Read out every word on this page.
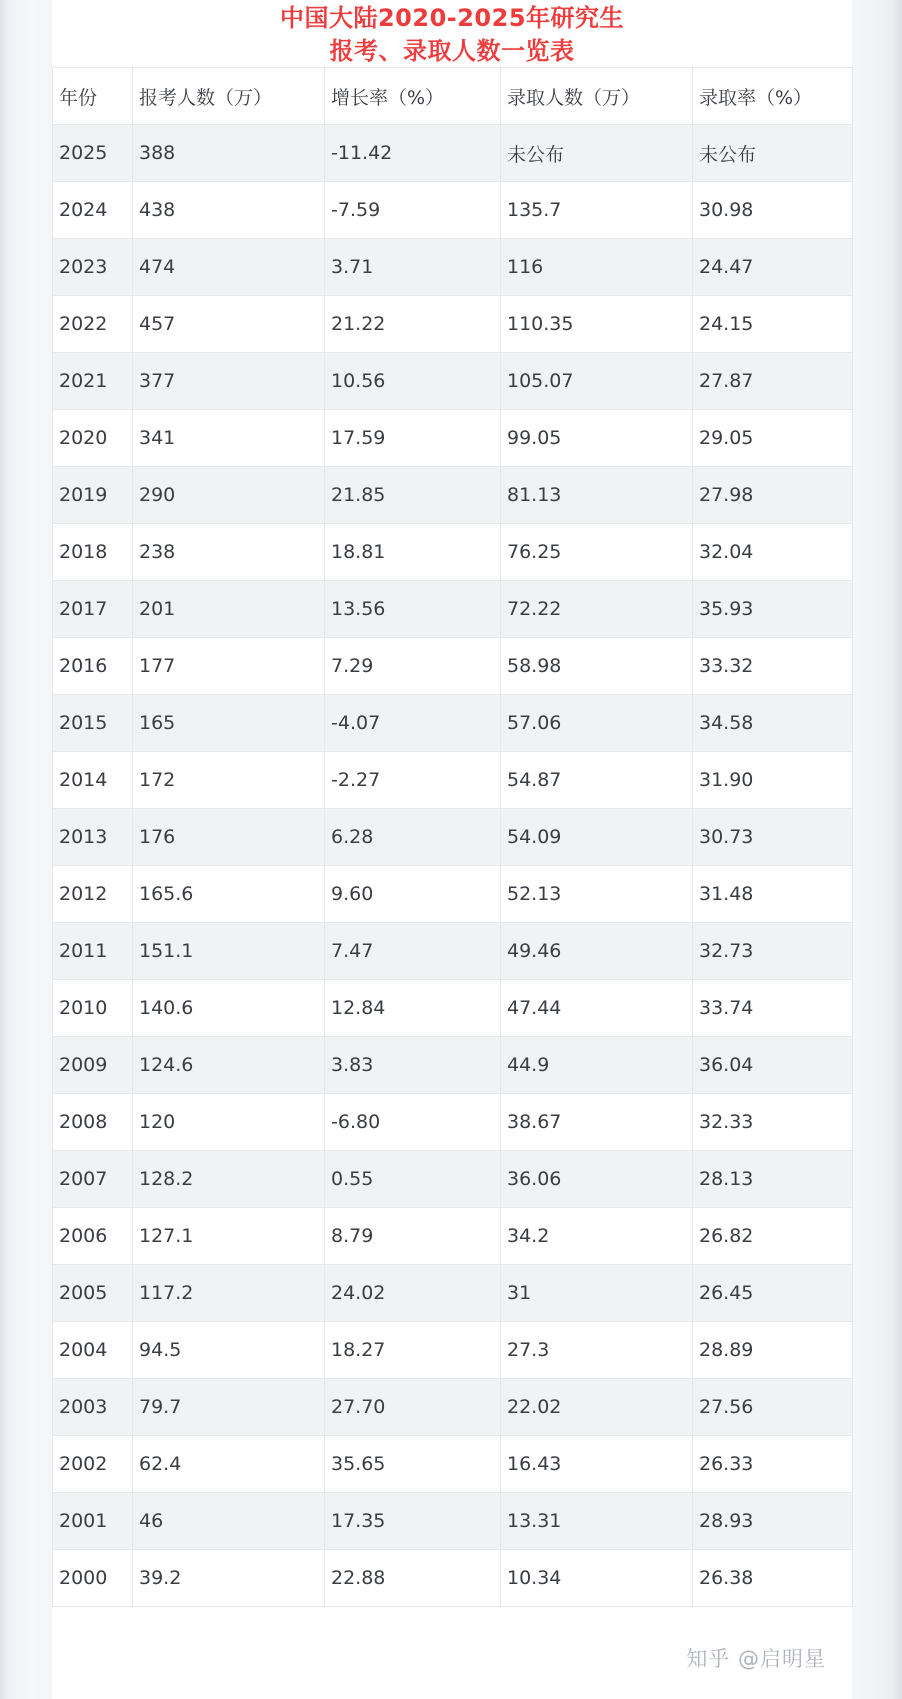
中国大陆2020-2025年研究生
报考、录取人数一览表
年份	报考人数（万）	增长率（%）	录取人数（万）	录取率（%）
2025	388	-11.42	未公布	未公布
2024	438	-7.59	135.7	30.98
2023	474	3.71	116	24.47
2022	457	21.22	110.35	24.15
2021	377	10.56	105.07	27.87
2020	341	17.59	99.05	29.05
2019	290	21.85	81.13	27.98
2018	238	18.81	76.25	32.04
2017	201	13.56	72.22	35.93
2016	177	7.29	58.98	33.32
2015	165	-4.07	57.06	34.58
2014	172	-2.27	54.87	31.90
2013	176	6.28	54.09	30.73
2012	165.6	9.60	52.13	31.48
2011	151.1	7.47	49.46	32.73
2010	140.6	12.84	47.44	33.74
2009	124.6	3.83	44.9	36.04
2008	120	-6.80	38.67	32.33
2007	128.2	0.55	36.06	28.13
2006	127.1	8.79	34.2	26.82
2005	117.2	24.02	31	26.45
2004	94.5	18.27	27.3	28.89
2003	79.7	27.70	22.02	27.56
2002	62.4	35.65	16.43	26.33
2001	46	17.35	13.31	28.93
2000	39.2	22.88	10.34	26.38
知乎 @启明星
